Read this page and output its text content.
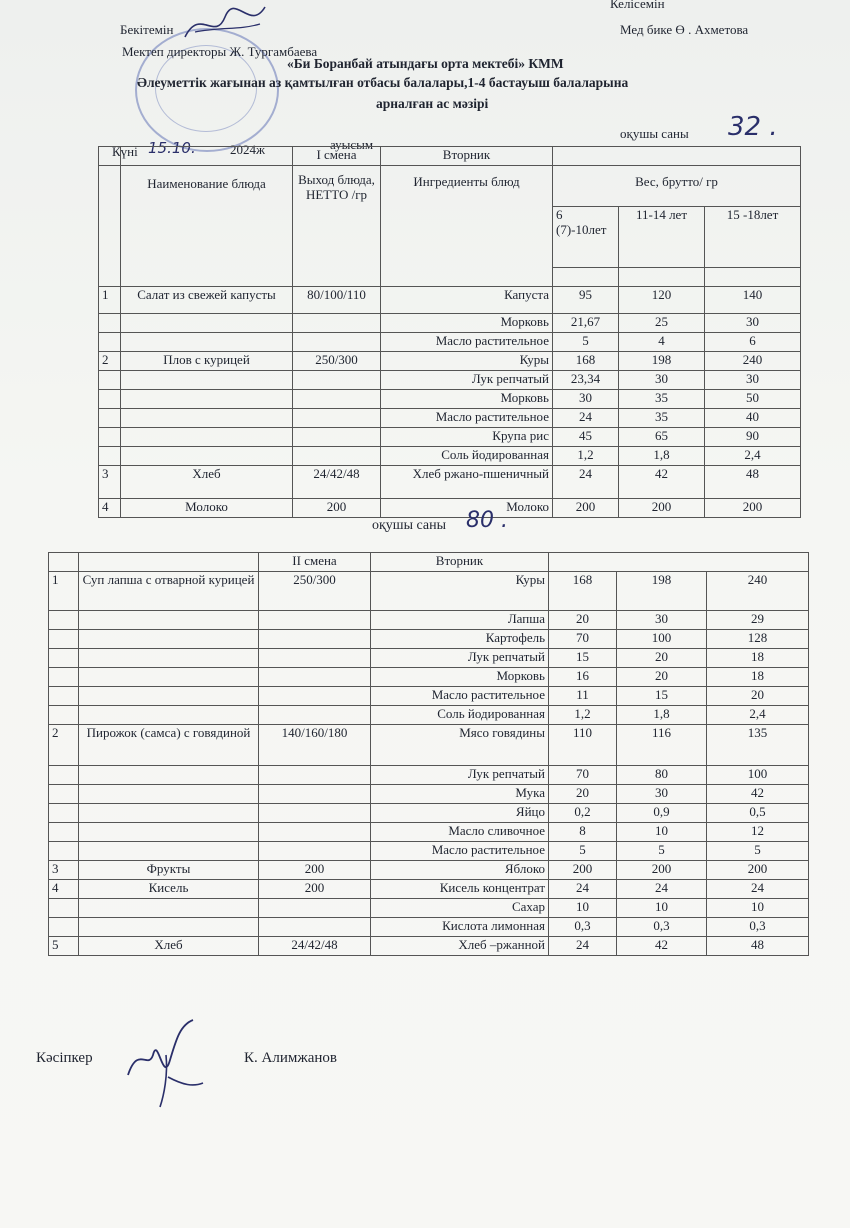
Бекітемін
Мектеп директоры Ж. Тургамбаева
Келісемін
Мед бике Ө . Ахметова
«Би Боранбай атындағы орта мектебі» КММ
Әлеуметтік жағынан аз қамтылған отбасы балалары,1-4 бастауыш балаларына
арналған ас мәзірі
Күні 15.10.	2024ж	ауысым
оқушы саны 32 .
		I смена	Вторник			
	Наименование блюда	Выход блюда, НЕТТО /гр	Ингредиенты блюд	Вес, брутто/ гр		
				6 (7)-10лет	11-14 лет	15 -18лет

1	Салат из свежей капусты	80/100/110	Капуста	95	120	140
			Морковь	21,67	25	30
			Масло растительное	5	4	6
2	Плов с курицей	250/300	Куры	168	198	240
			Лук репчатый	23,34	30	30
			Морковь	30	35	50
			Масло растительное	24	35	40
			Крупа рис	45	65	90
			Соль йодированная	1,2	1,8	2,4
3	Хлеб	24/42/48	Хлеб ржано-пшеничный	24	42	48
4	Молоко	200	Молоко	200	200	200
оқушы саны 80 .
		II смена	Вторник			
1	Суп лапша с отварной курицей	250/300	Куры	168	198	240
			Лапша	20	30	29
			Картофель	70	100	128
			Лук репчатый	15	20	18
			Морковь	16	20	18
			Масло растительное	11	15	20
			Соль йодированная	1,2	1,8	2,4
2	Пирожок (самса) с говядиной	140/160/180	Мясо говядины	110	116	135
			Лук репчатый	70	80	100
			Мука	20	30	42
			Яйцо	0,2	0,9	0,5
			Масло сливочное	8	10	12
			Масло растительное	5	5	5
3	Фрукты	200	Яблоко	200	200	200
4	Кисель	200	Кисель концентрат	24	24	24
			Сахар	10	10	10
			Кислота лимонная	0,3	0,3	0,3
5	Хлеб	24/42/48	Хлеб –ржанной	24	42	48
Кәсіпкер	К. Алимжанов
